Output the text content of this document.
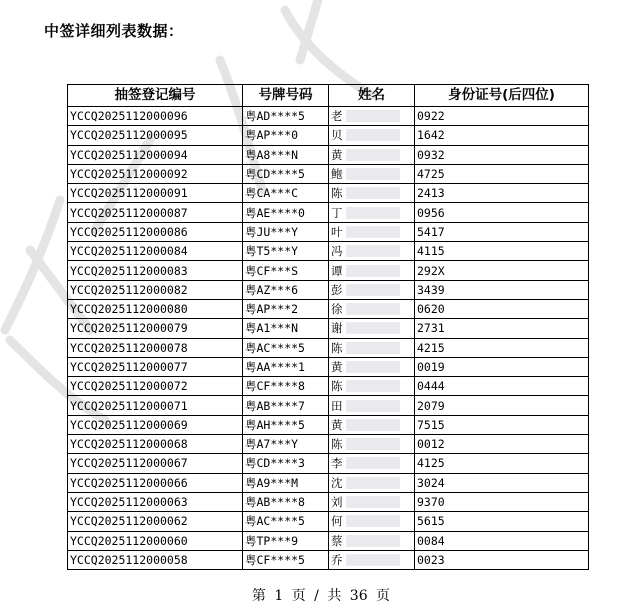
中签详细列表数据：
抽签登记编号	号牌号码	姓名	身份证号(后四位)
YCCQ2025112000096	粤AD****5	老	0922
YCCQ2025112000095	粤AP***0	贝	1642
YCCQ2025112000094	粤A8***N	黄	0932
YCCQ2025112000092	粤CD****5	鲍	4725
YCCQ2025112000091	粤CA***C	陈	2413
YCCQ2025112000087	粤AE****0	丁	0956
YCCQ2025112000086	粤JU***Y	叶	5417
YCCQ2025112000084	粤T5***Y	冯	4115
YCCQ2025112000083	粤CF***S	谭	292X
YCCQ2025112000082	粤AZ***6	彭	3439
YCCQ2025112000080	粤AP***2	徐	0620
YCCQ2025112000079	粤A1***N	谢	2731
YCCQ2025112000078	粤AC****5	陈	4215
YCCQ2025112000077	粤AA****1	黄	0019
YCCQ2025112000072	粤CF****8	陈	0444
YCCQ2025112000071	粤AB****7	田	2079
YCCQ2025112000069	粤AH****5	黄	7515
YCCQ2025112000068	粤A7***Y	陈	0012
YCCQ2025112000067	粤CD****3	李	4125
YCCQ2025112000066	粤A9***M	沈	3024
YCCQ2025112000063	粤AB****8	刘	9370
YCCQ2025112000062	粤AC****5	何	5615
YCCQ2025112000060	粤TP***9	蔡	0084
YCCQ2025112000058	粤CF****5	乔	0023
第 1 页 / 共 36 页
